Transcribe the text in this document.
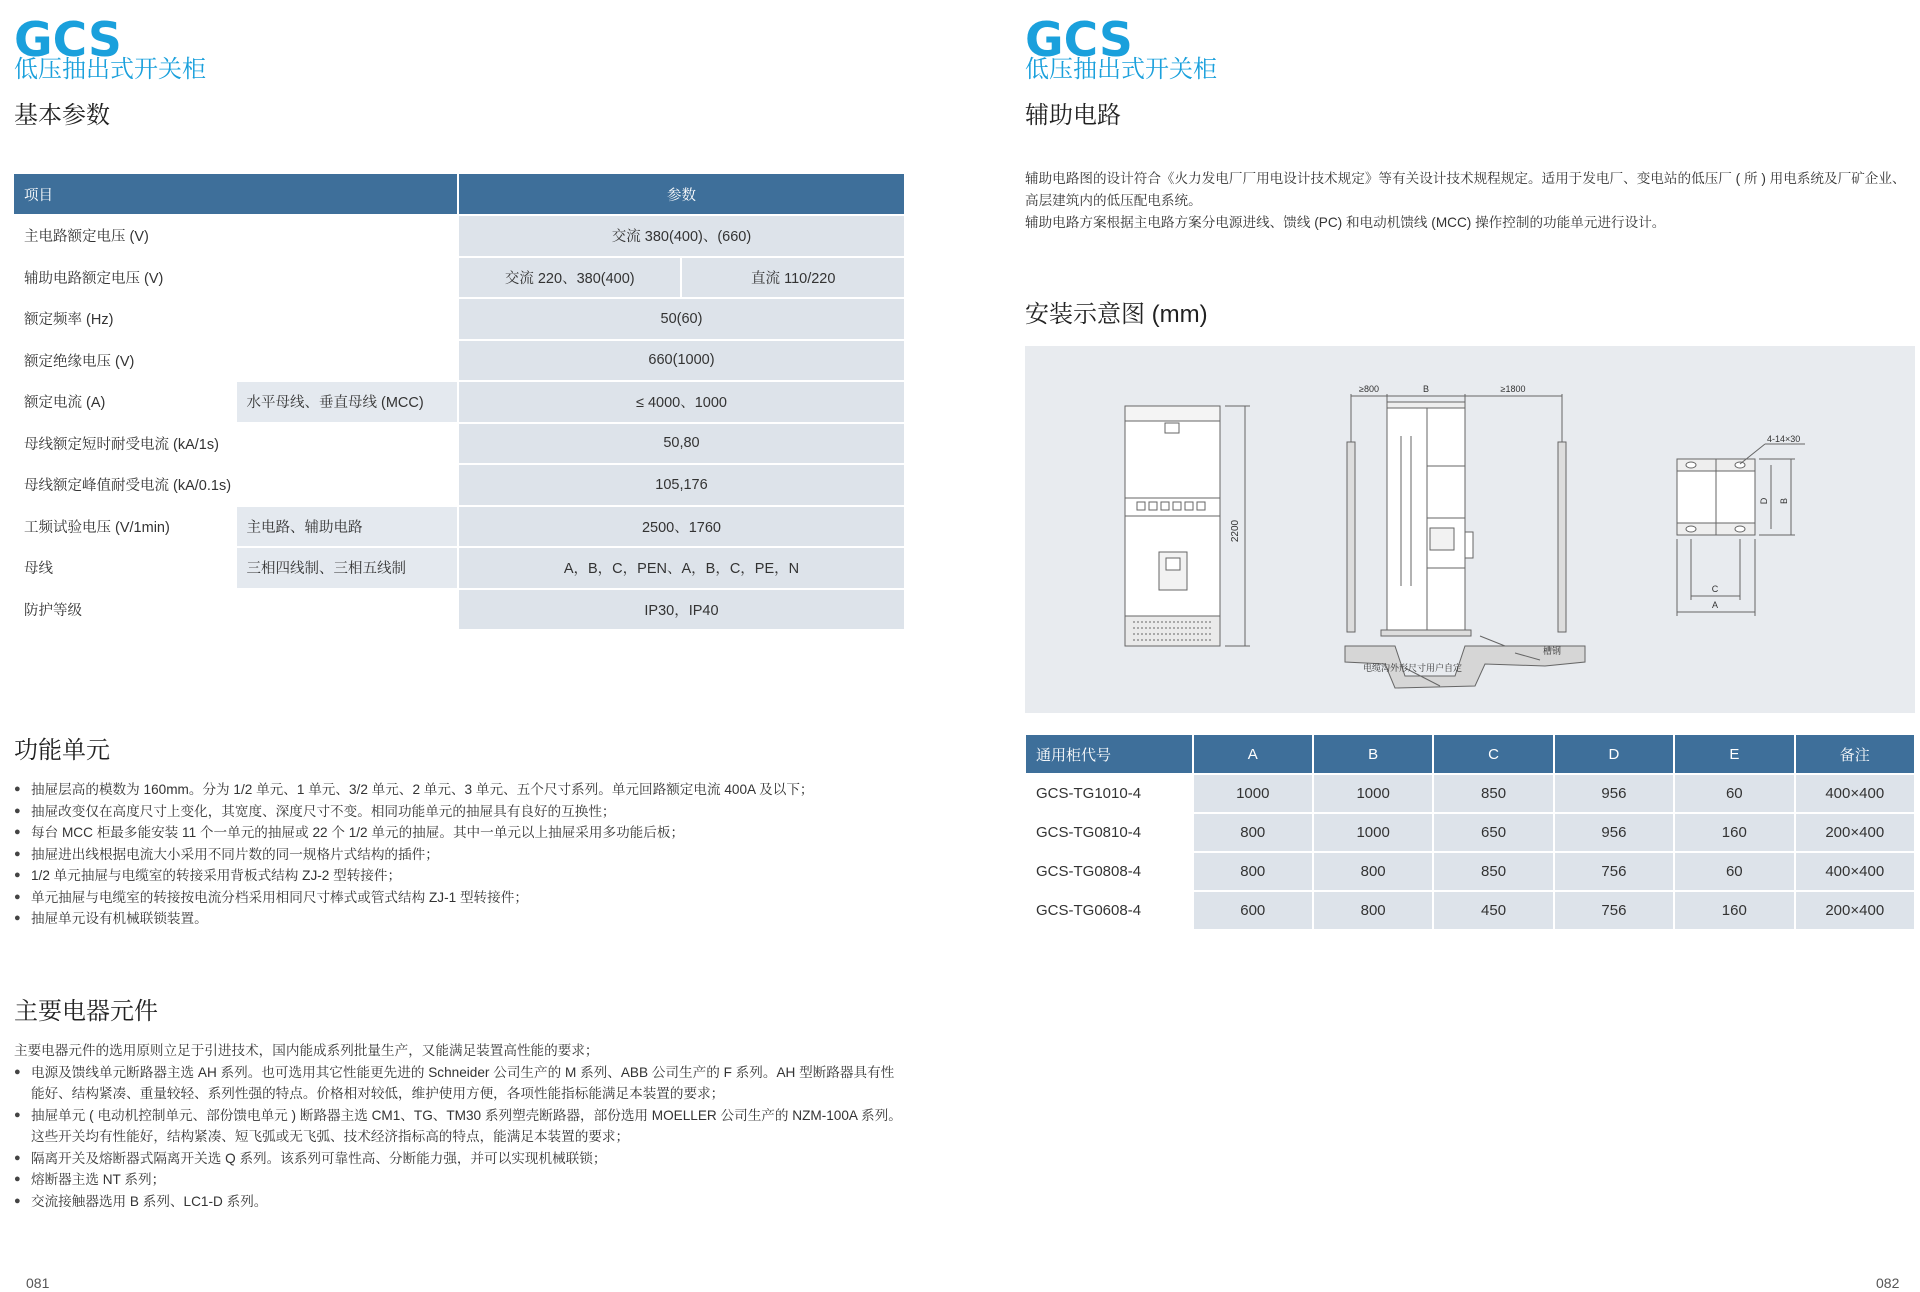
GCS
低压抽出式开关柜
基本参数
项目		参数	
主电路额定电压 (V)		交流 380(400)、(660)	
辅助电路额定电压 (V)		交流 220、380(400)	直流 110/220
额定频率 (Hz)		50(60)	
额定绝缘电压 (V)		660(1000)	
额定电流 (A)	水平母线、垂直母线 (MCC)	≤ 4000、1000	
母线额定短时耐受电流 (kA/1s)		50,80	
母线额定峰值耐受电流 (kA/0.1s)		105,176	
工频试验电压 (V/1min)	主电路、辅助电路	2500、1760	
母线	三相四线制、三相五线制	A，B，C，PEN、A，B，C，PE，N	
防护等级		IP30，IP40	
功能单元
● 抽屉层高的模数为 160mm。分为 1/2 单元、1 单元、3/2 单元、2 单元、3 单元、五个尺寸系列。单元回路额定电流 400A 及以下；
● 抽屉改变仅在高度尺寸上变化，其宽度、深度尺寸不变。相同功能单元的抽屉具有良好的互换性；
● 每台 MCC 柜最多能安装 11 个一单元的抽屉或 22 个 1/2 单元的抽屉。其中一单元以上抽屉采用多功能后板；
● 抽屉进出线根据电流大小采用不同片数的同一规格片式结构的插件；
● 1/2 单元抽屉与电缆室的转接采用背板式结构 ZJ-2 型转接件；
● 单元抽屉与电缆室的转接按电流分档采用相同尺寸棒式或管式结构 ZJ-1 型转接件；
● 抽屉单元设有机械联锁装置。
主要电器元件
主要电器元件的选用原则立足于引进技术，国内能成系列批量生产，又能满足装置高性能的要求；
● 电源及馈线单元断路器主选 AH 系列。也可选用其它性能更先进的 Schneider 公司生产的 M 系列、ABB 公司生产的 F 系列。AH 型断路器具有性
能好、结构紧凑、重量较轻、系列性强的特点。价格相对较低，维护使用方便，各项性能指标能满足本装置的要求；
● 抽屉单元 ( 电动机控制单元、部份馈电单元 ) 断路器主选 CM1、TG、TM30 系列塑壳断路器，部份选用 MOELLER 公司生产的 NZM-100A 系列。
这些开关均有性能好，结构紧凑、短飞弧或无飞弧、技术经济指标高的特点，能满足本装置的要求；
● 隔离开关及熔断器式隔离开关选 Q 系列。该系列可靠性高、分断能力强，并可以实现机械联锁；
● 熔断器主选 NT 系列；
● 交流接触器选用 B 系列、LC1-D 系列。
081
GCS
低压抽出式开关柜
辅助电路
辅助电路图的设计符合《火力发电厂厂用电设计技术规定》等有关设计技术规程规定。适用于发电厂、变电站的低压厂 ( 所 ) 用电系统及厂矿企业、
高层建筑内的低压配电系统。
辅助电路方案根据主电路方案分电源进线、馈线 (PC) 和电动机馈线 (MCC) 操作控制的功能单元进行设计。
安装示意图 (mm)
2200
≥800	B	≥1800
槽钢
电缆沟外形尺寸用户自定
4-14×30
D B
C
A
通用柜代号	A	B	C	D	E	备注
GCS-TG1010-4	1000	1000	850	956	60	400×400
GCS-TG0810-4	800	1000	650	956	160	200×400
GCS-TG0808-4	800	800	850	756	60	400×400
GCS-TG0608-4	600	800	450	756	160	200×400
082
